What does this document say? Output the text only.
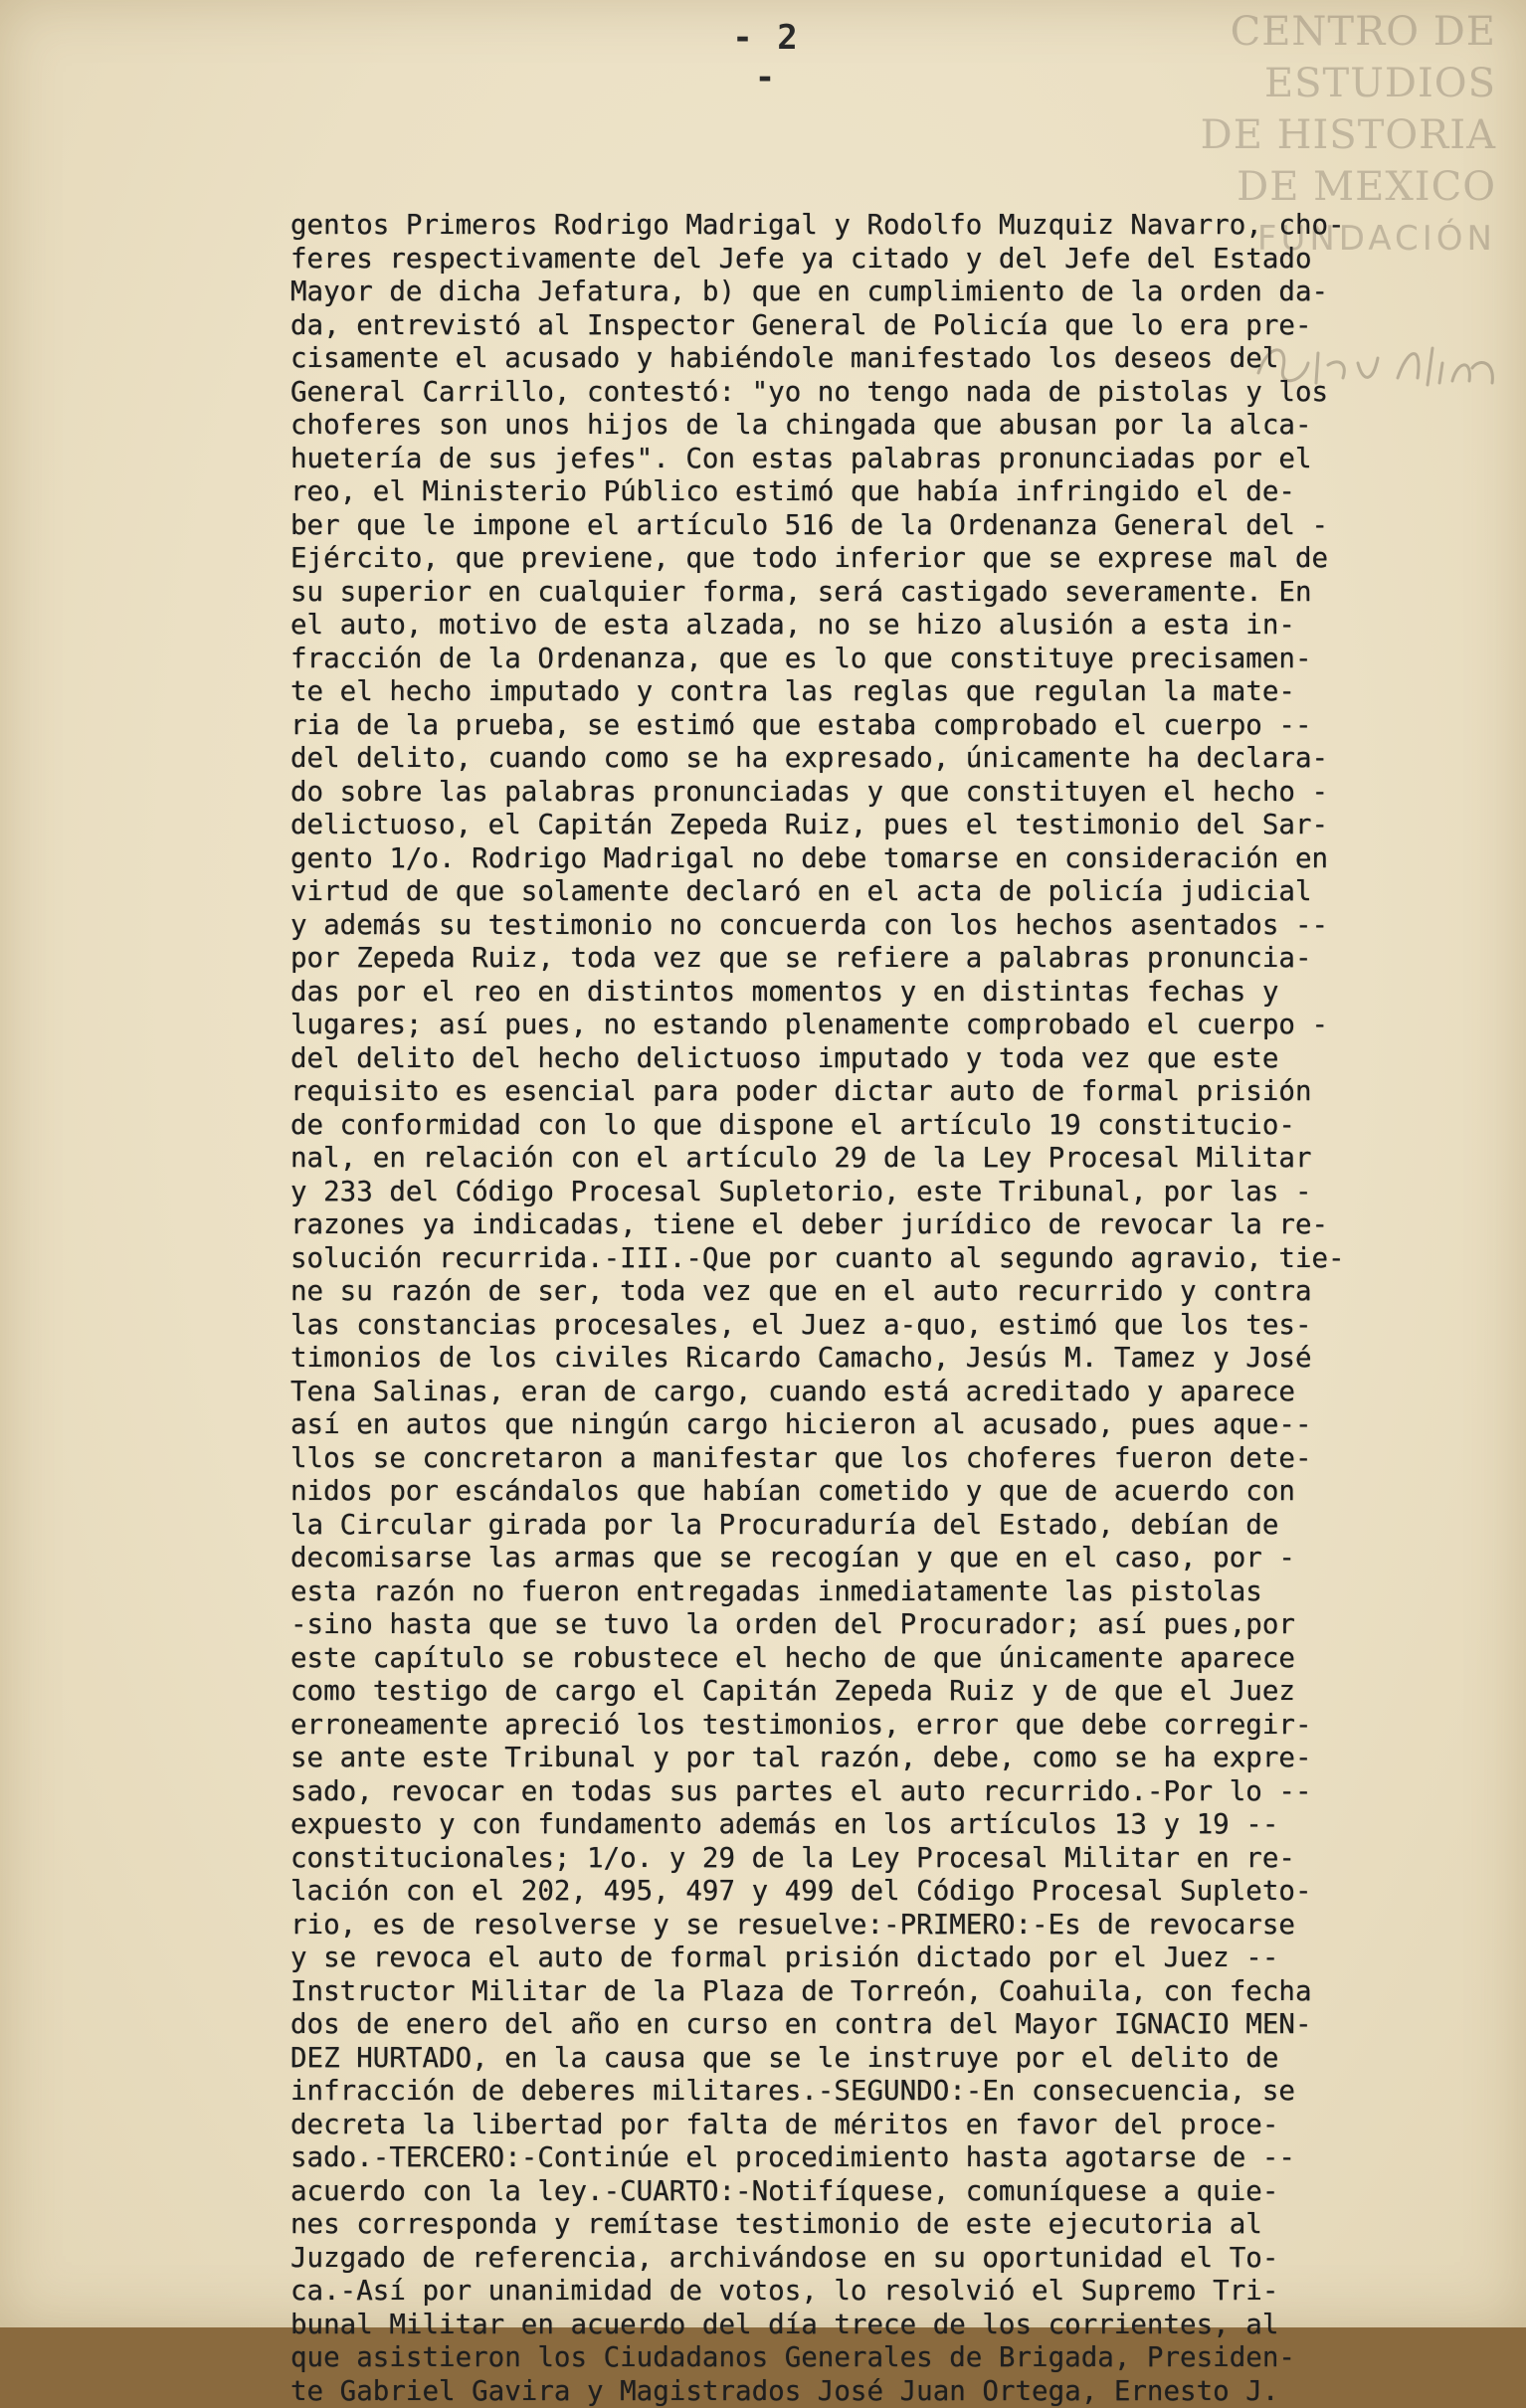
- 2 -
CENTRO DE
ESTUDIOS
DE HISTORIA
DE MEXICO
FUNDACIÓN
gentos Primeros Rodrigo Madrigal y Rodolfo Muzquiz Navarro, cho-
feres respectivamente del Jefe ya citado y del Jefe del Estado
Mayor de dicha Jefatura, b) que en cumplimiento de la orden da-
da, entrevistó al Inspector General de Policía que lo era pre-
cisamente el acusado y habiéndole manifestado los deseos del
General Carrillo, contestó: "yo no tengo nada de pistolas y los
choferes son unos hijos de la chingada que abusan por la alca-
huetería de sus jefes". Con estas palabras pronunciadas por el
reo, el Ministerio Público estimó que había infringido el de-
ber que le impone el artículo 516 de la Ordenanza General del -
Ejército, que previene, que todo inferior que se exprese mal de
su superior en cualquier forma, será castigado severamente. En
el auto, motivo de esta alzada, no se hizo alusión a esta in-
fracción de la Ordenanza, que es lo que constituye precisamen-
te el hecho imputado y contra las reglas que regulan la mate-
ria de la prueba, se estimó que estaba comprobado el cuerpo --
del delito, cuando como se ha expresado, únicamente ha declara-
do sobre las palabras pronunciadas y que constituyen el hecho -
delictuoso, el Capitán Zepeda Ruiz, pues el testimonio del Sar-
gento 1/o. Rodrigo Madrigal no debe tomarse en consideración en
virtud de que solamente declaró en el acta de policía judicial
y además su testimonio no concuerda con los hechos asentados --
por Zepeda Ruiz, toda vez que se refiere a palabras pronuncia-
das por el reo en distintos momentos y en distintas fechas y
lugares; así pues, no estando plenamente comprobado el cuerpo -
del delito del hecho delictuoso imputado y toda vez que este
requisito es esencial para poder dictar auto de formal prisión
de conformidad con lo que dispone el artículo 19 constitucio-
nal, en relación con el artículo 29 de la Ley Procesal Militar
y 233 del Código Procesal Supletorio, este Tribunal, por las -
razones ya indicadas, tiene el deber jurídico de revocar la re-
solución recurrida.-III.-Que por cuanto al segundo agravio, tie-
ne su razón de ser, toda vez que en el auto recurrido y contra
las constancias procesales, el Juez a-quo, estimó que los tes-
timonios de los civiles Ricardo Camacho, Jesús M. Tamez y José
Tena Salinas, eran de cargo, cuando está acreditado y aparece
así en autos que ningún cargo hicieron al acusado, pues aque--
llos se concretaron a manifestar que los choferes fueron dete-
nidos por escándalos que habían cometido y que de acuerdo con
la Circular girada por la Procuraduría del Estado, debían de
decomisarse las armas que se recogían y que en el caso, por -
esta razón no fueron entregadas inmediatamente las pistolas
-sino hasta que se tuvo la orden del Procurador; así pues,por
este capítulo se robustece el hecho de que únicamente aparece
como testigo de cargo el Capitán Zepeda Ruiz y de que el Juez
erroneamente apreció los testimonios, error que debe corregir-
se ante este Tribunal y por tal razón, debe, como se ha expre-
sado, revocar en todas sus partes el auto recurrido.-Por lo --
expuesto y con fundamento además en los artículos 13 y 19 --
constitucionales; 1/o. y 29 de la Ley Procesal Militar en re-
lación con el 202, 495, 497 y 499 del Código Procesal Supleto-
rio, es de resolverse y se resuelve:-PRIMERO:-Es de revocarse
y se revoca el auto de formal prisión dictado por el Juez --
Instructor Militar de la Plaza de Torreón, Coahuila, con fecha
dos de enero del año en curso en contra del Mayor IGNACIO MEN-
DEZ HURTADO, en la causa que se le instruye por el delito de
infracción de deberes militares.-SEGUNDO:-En consecuencia, se
decreta la libertad por falta de méritos en favor del proce-
sado.-TERCERO:-Continúe el procedimiento hasta agotarse de --
acuerdo con la ley.-CUARTO:-Notifíquese, comuníquese a quie-
nes corresponda y remítase testimonio de este ejecutoria al
Juzgado de referencia, archivándose en su oportunidad el To-
ca.-Así por unanimidad de votos, lo resolvió el Supremo Tri-
bunal Militar en acuerdo del día trece de los corrientes, al
que asistieron los Ciudadanos Generales de Brigada, Presiden-
te Gabriel Gavira y Magistrados José Juan Ortega, Ernesto J.
